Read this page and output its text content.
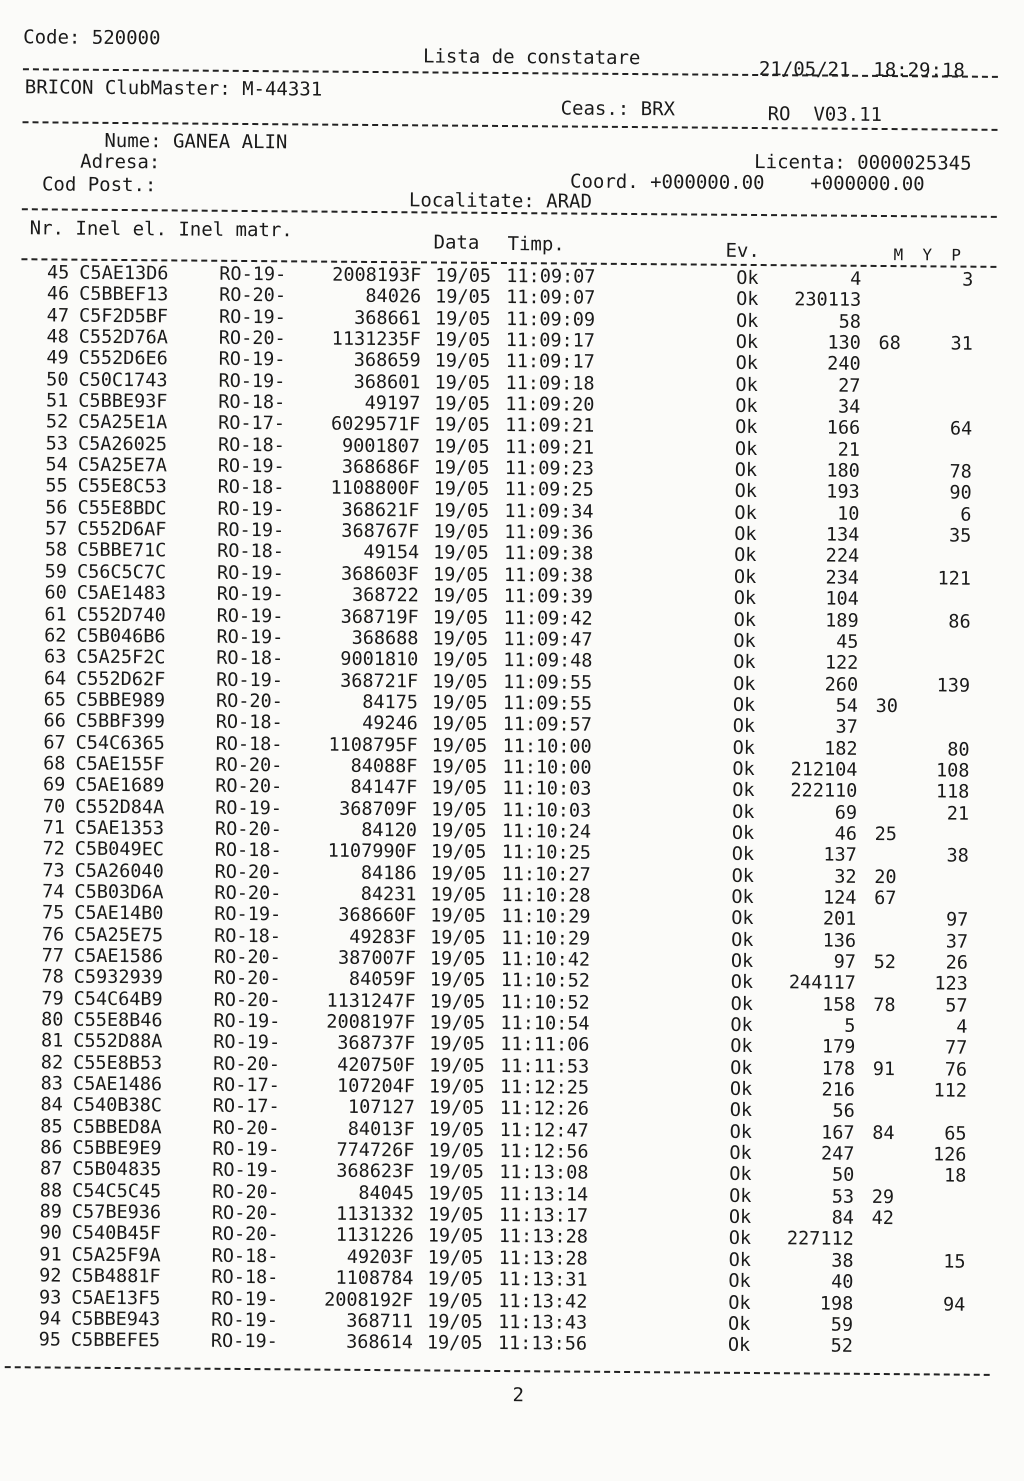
Code: 520000
Lista de constatare
21/05/21  18:29:18
BRICON ClubMaster: M-44331
Ceas.: BRX	RO  V03.11
Nume: GANEA ALIN
Adresa:	Licenta: 0000025345
Cod Post.:	Coord. +000000.00    +000000.00
Localitate: ARAD
Nr. Inel el. Inel matr.
Data Timp.	Ev.	M  Y  P
45 C5AE13D6	RO-19-	2008193F 19/05 11:09:07	Ok	4	3
46 C5BBEF13	RO-20-	84026 19/05 11:09:07	Ok 230113
47 C5F2D5BF	RO-19-	368661 19/05 11:09:09	Ok	58
48 C552D76A	RO-20-	1131235F 19/05 11:09:17	Ok	130 68	31
49 C552D6E6	RO-19-	368659 19/05 11:09:17	Ok	240
50 C50C1743	RO-19-	368601 19/05 11:09:18	Ok	27
51 C5BBE93F	RO-18-	49197 19/05 11:09:20	Ok	34
52 C5A25E1A	RO-17-	6029571F 19/05 11:09:21	Ok	166	64
53 C5A26025	RO-18-	9001807 19/05 11:09:21	Ok	21
54 C5A25E7A	RO-19-	368686F 19/05 11:09:23	Ok	180	78
55 C55E8C53	RO-18-	1108800F 19/05 11:09:25	Ok	193	90
56 C55E8BDC	RO-19-	368621F 19/05 11:09:34	Ok	10	6
57 C552D6AF	RO-19-	368767F 19/05 11:09:36	Ok	134	35
58 C5BBE71C	RO-18-	49154 19/05 11:09:38	Ok	224
59 C56C5C7C	RO-19-	368603F 19/05 11:09:38	Ok	234	121
60 C5AE1483	RO-19-	368722 19/05 11:09:39	Ok	104
61 C552D740	RO-19-	368719F 19/05 11:09:42	Ok	189	86
62 C5B046B6	RO-19-	368688 19/05 11:09:47	Ok	45
63 C5A25F2C	RO-18-	9001810 19/05 11:09:48	Ok	122
64 C552D62F	RO-19-	368721F 19/05 11:09:55	Ok	260	139
65 C5BBE989	RO-20-	84175 19/05 11:09:55	Ok	54 30
66 C5BBF399	RO-18-	49246 19/05 11:09:57	Ok	37
67 C54C6365	RO-18-	1108795F 19/05 11:10:00	Ok	182	80
68 C5AE155F	RO-20-	84088F 19/05 11:10:00	Ok 212104	108
69 C5AE1689	RO-20-	84147F 19/05 11:10:03	Ok 222110	118
70 C552D84A	RO-19-	368709F 19/05 11:10:03	Ok	69	21
71 C5AE1353	RO-20-	84120 19/05 11:10:24	Ok	46 25
72 C5B049EC	RO-18-	1107990F 19/05 11:10:25	Ok	137	38
73 C5A26040	RO-20-	84186 19/05 11:10:27	Ok	32 20
74 C5B03D6A	RO-20-	84231 19/05 11:10:28	Ok	124 67
75 C5AE14B0	RO-19-	368660F 19/05 11:10:29	Ok	201	97
76 C5A25E75	RO-18-	49283F 19/05 11:10:29	Ok	136	37
77 C5AE1586	RO-20-	387007F 19/05 11:10:42	Ok	97 52	26
78 C5932939	RO-20-	84059F 19/05 11:10:52	Ok 244117	123
79 C54C64B9	RO-20-	1131247F 19/05 11:10:52	Ok	158 78	57
80 C55E8B46	RO-19-	2008197F 19/05 11:10:54	Ok	5	4
81 C552D88A	RO-19-	368737F 19/05 11:11:06	Ok	179	77
82 C55E8B53	RO-20-	420750F 19/05 11:11:53	Ok	178 91	76
83 C5AE1486	RO-17-	107204F 19/05 11:12:25	Ok	216	112
84 C540B38C	RO-17-	107127 19/05 11:12:26	Ok	56
85 C5BBED8A	RO-20-	84013F 19/05 11:12:47	Ok	167 84	65
86 C5BBE9E9	RO-19-	774726F 19/05 11:12:56	Ok	247	126
87 C5B04835	RO-19-	368623F 19/05 11:13:08	Ok	50	18
88 C54C5C45	RO-20-	84045 19/05 11:13:14	Ok	53 29
89 C57BE936	RO-20-	1131332 19/05 11:13:17	Ok	84 42
90 C540B45F	RO-20-	1131226 19/05 11:13:28	Ok 227112
91 C5A25F9A	RO-18-	49203F 19/05 11:13:28	Ok	38	15
92 C5B4881F	RO-18-	1108784 19/05 11:13:31	Ok	40
93 C5AE13F5	RO-19-	2008192F 19/05 11:13:42	Ok	198	94
94 C5BBE943	RO-19-	368711 19/05 11:13:43	Ok	59
95 C5BBEFE5	RO-19-	368614 19/05 11:13:56	Ok	52
2
